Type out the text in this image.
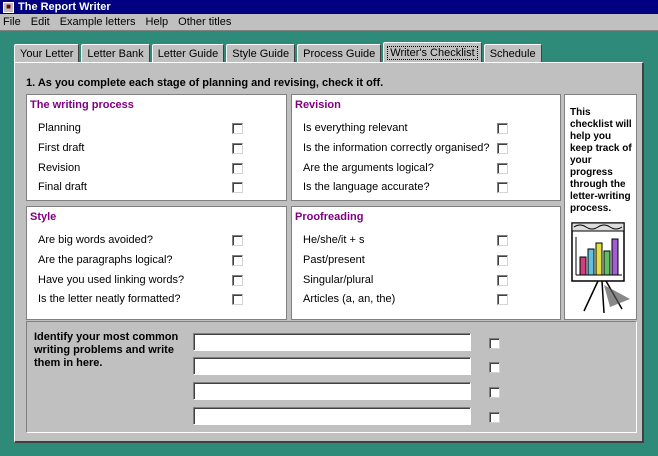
■ The Report Writer
File Edit Example letters Help Other titles
Your Letter Letter Bank Letter Guide Style Guide Process Guide Writer's Checklist Schedule
1. As you complete each stage of planning and revising, check it off.
The writing process
Planning
First draft
Revision
Final draft
Revision
Is everything relevant
Is the information correctly organised?
Are the arguments logical?
Is the language accurate?
Style
Are big words avoided?
Are the paragraphs logical?
Have you used linking words?
Is the letter neatly formatted?
Proofreading
He/she/it + s
Past/present
Singular/plural
Articles (a, an, the)
This checklist will help you keep track of your progress through the letter-writing process.
Identify your most common writing problems and write them in here.
